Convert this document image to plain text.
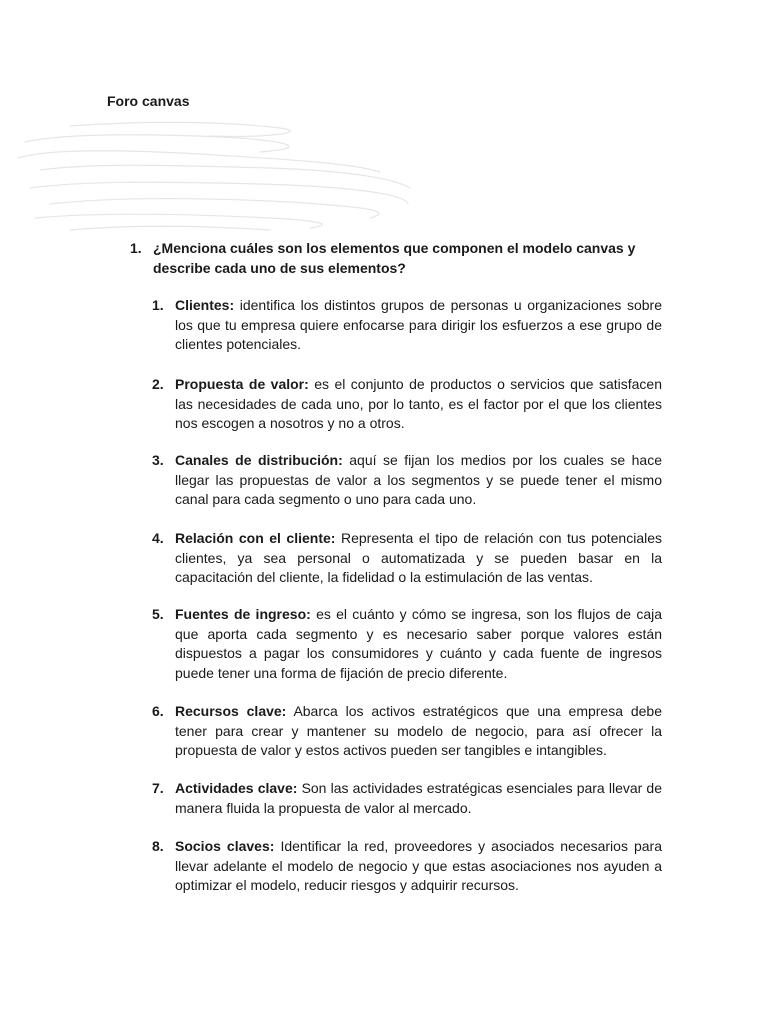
Foro canvas
1. ¿Menciona cuáles son los elementos que componen el modelo canvas y describe cada uno de sus elementos?
1. Clientes: identifica los distintos grupos de personas u organizaciones sobre los que tu empresa quiere enfocarse para dirigir los esfuerzos a ese grupo de clientes potenciales.
2. Propuesta de valor: es el conjunto de productos o servicios que satisfacen las necesidades de cada uno, por lo tanto, es el factor por el que los clientes nos escogen a nosotros y no a otros.
3. Canales de distribución: aquí se fijan los medios por los cuales se hace llegar las propuestas de valor a los segmentos y se puede tener el mismo canal para cada segmento o uno para cada uno.
4. Relación con el cliente: Representa el tipo de relación con tus potenciales clientes, ya sea personal o automatizada y se pueden basar en la capacitación del cliente, la fidelidad o la estimulación de las ventas.
5. Fuentes de ingreso: es el cuánto y cómo se ingresa, son los flujos de caja que aporta cada segmento y es necesario saber porque valores están dispuestos a pagar los consumidores y cuánto y cada fuente de ingresos puede tener una forma de fijación de precio diferente.
6. Recursos clave: Abarca los activos estratégicos que una empresa debe tener para crear y mantener su modelo de negocio, para así ofrecer la propuesta de valor y estos activos pueden ser tangibles e intangibles.
7. Actividades clave: Son las actividades estratégicas esenciales para llevar de manera fluida la propuesta de valor al mercado.
8. Socios claves: Identificar la red, proveedores y asociados necesarios para llevar adelante el modelo de negocio y que estas asociaciones nos ayuden a optimizar el modelo, reducir riesgos y adquirir recursos.
